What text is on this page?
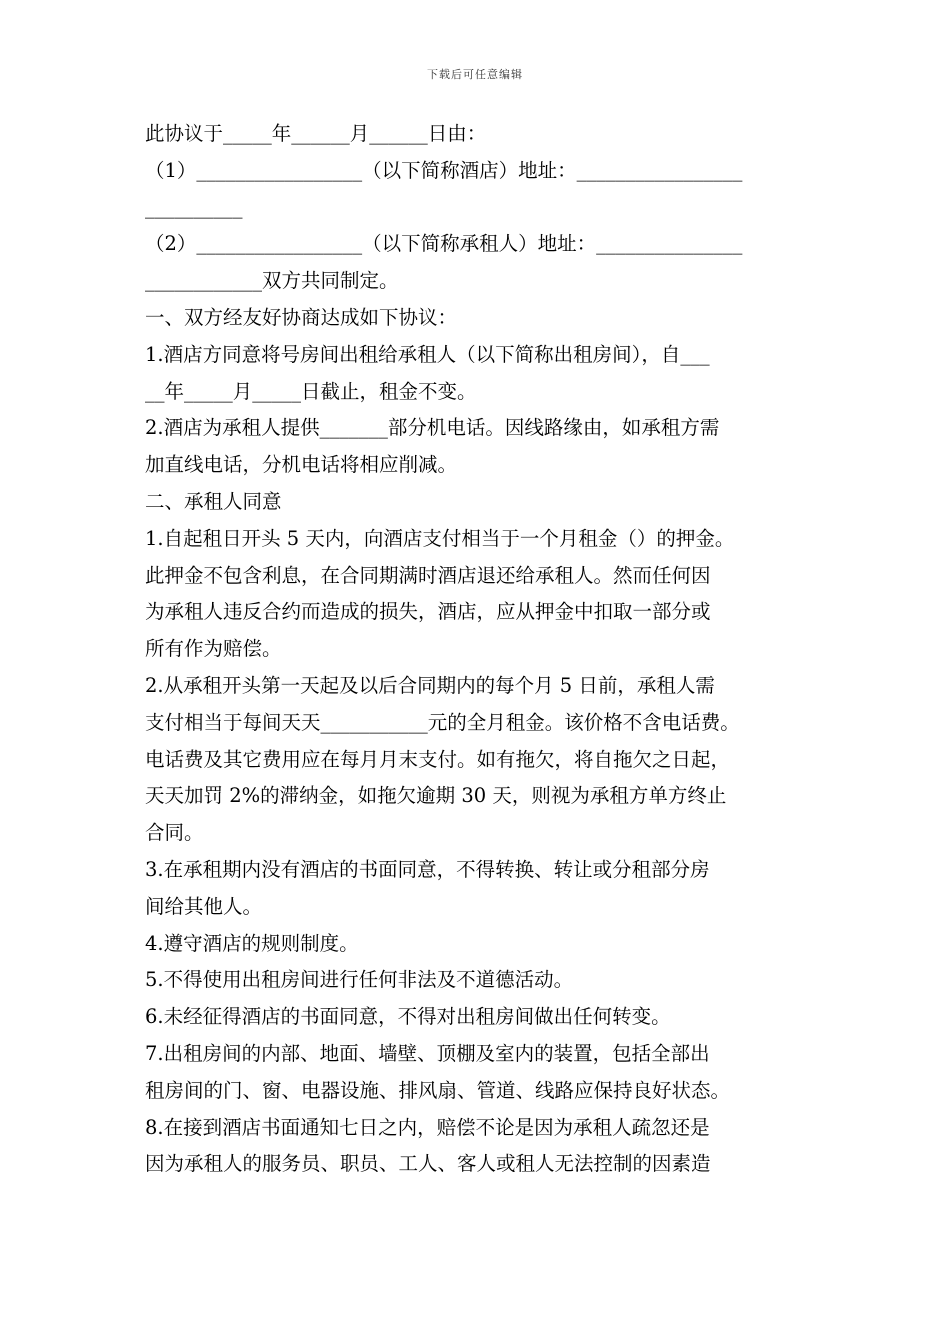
下载后可任意编辑

此协议于_____年______月______日由：

（1）_________________（以下简称酒店）地址：_________________

__________

（2）_________________（以下简称承租人）地址：_______________

____________双方共同制定。

一、双方经友好协商达成如下协议：

1.酒店方同意将号房间出租给承租人（以下简称出租房间），自___

__年_____月_____日截止，租金不变。

2.酒店为承租人提供_______部分机电话。因线路缘由，如承租方需

加直线电话，分机电话将相应削减。

二、承租人同意

1.自起租日开头 5 天内，向酒店支付相当于一个月租金（）的押金。

此押金不包含利息，在合同期满时酒店退还给承租人。然而任何因

为承租人违反合约而造成的损失，酒店，应从押金中扣取一部分或

所有作为赔偿。

2.从承租开头第一天起及以后合同期内的每个月 5 日前，承租人需

支付相当于每间天天___________元的全月租金。该价格不含电话费。

电话费及其它费用应在每月月末支付。如有拖欠，将自拖欠之日起，

天天加罚 2%的滞纳金，如拖欠逾期 30 天，则视为承租方单方终止

合同。

3.在承租期内没有酒店的书面同意，不得转换、转让或分租部分房

间给其他人。

4.遵守酒店的规则制度。

5.不得使用出租房间进行任何非法及不道德活动。

6.未经征得酒店的书面同意，不得对出租房间做出任何转变。

7.出租房间的内部、地面、墙壁、顶棚及室内的装置，包括全部出

租房间的门、窗、电器设施、排风扇、管道、线路应保持良好状态。

8.在接到酒店书面通知七日之内，赔偿不论是因为承租人疏忽还是

因为承租人的服务员、职员、工人、客人或租人无法控制的因素造
